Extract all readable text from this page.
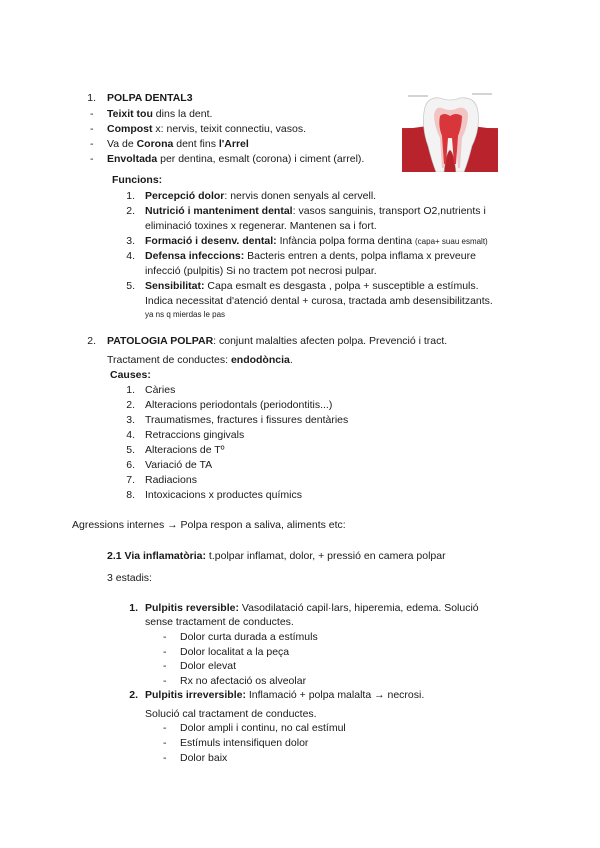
1. POLPA DENTAL3
- Teixit tou dins la dent.
- Compost x: nervis, teixit connectiu, vasos.
- Va de Corona dent fins l'Arrel
- Envoltada per dentina, esmalt (corona) i ciment (arrel).
Funcions:
1. Percepció dolor: nervis donen senyals al cervell.
2. Nutrició i manteniment dental: vasos sanguinis, transport O2,nutrients i
eliminació toxines x regenerar. Mantenen sa i fort.
3. Formació i desenv. dental: Infància polpa forma dentina (capa+ suau esmalt)
4. Defensa infeccions: Bacteris entren a dents, polpa inflama x preveure
infecció (pulpitis) Si no tractem pot necrosi pulpar.
5. Sensibilitat: Capa esmalt es desgasta , polpa + susceptible a estímuls.
Indica necessitat d'atenció dental + curosa, tractada amb desensibilitzants.
ya ns q mierdas le pas
2. PATOLOGIA POLPAR: conjunt malalties afecten polpa. Prevenció i tract.
Tractament de conductes: endodòncia.
Causes:
1. Càries
2. Alteracions periodontals (periodontitis...)
3. Traumatismes, fractures i fissures dentàries
4. Retraccions gingivals
5. Alteracions de Tº
6. Variació de TA
7. Radiacions
8. Intoxicacions x productes químics
Agressions internes → Polpa respon a saliva, aliments etc:
2.1 Via inflamatòria: t.polpar inflamat, dolor, + pressió en camera polpar
3 estadis:
1. Pulpitis reversible: Vasodilatació capil·lars, hiperemia, edema. Solució
sense tractament de conductes.
- Dolor curta durada a estímuls
- Dolor localitat a la peça
- Dolor elevat
- Rx no afectació os alveolar
2. Pulpitis irreversible: Inflamació + polpa malalta → necrosi.
Solució cal tractament de conductes.
- Dolor ampli i continu, no cal estímul
- Estímuls intensifiquen dolor
- Dolor baix
